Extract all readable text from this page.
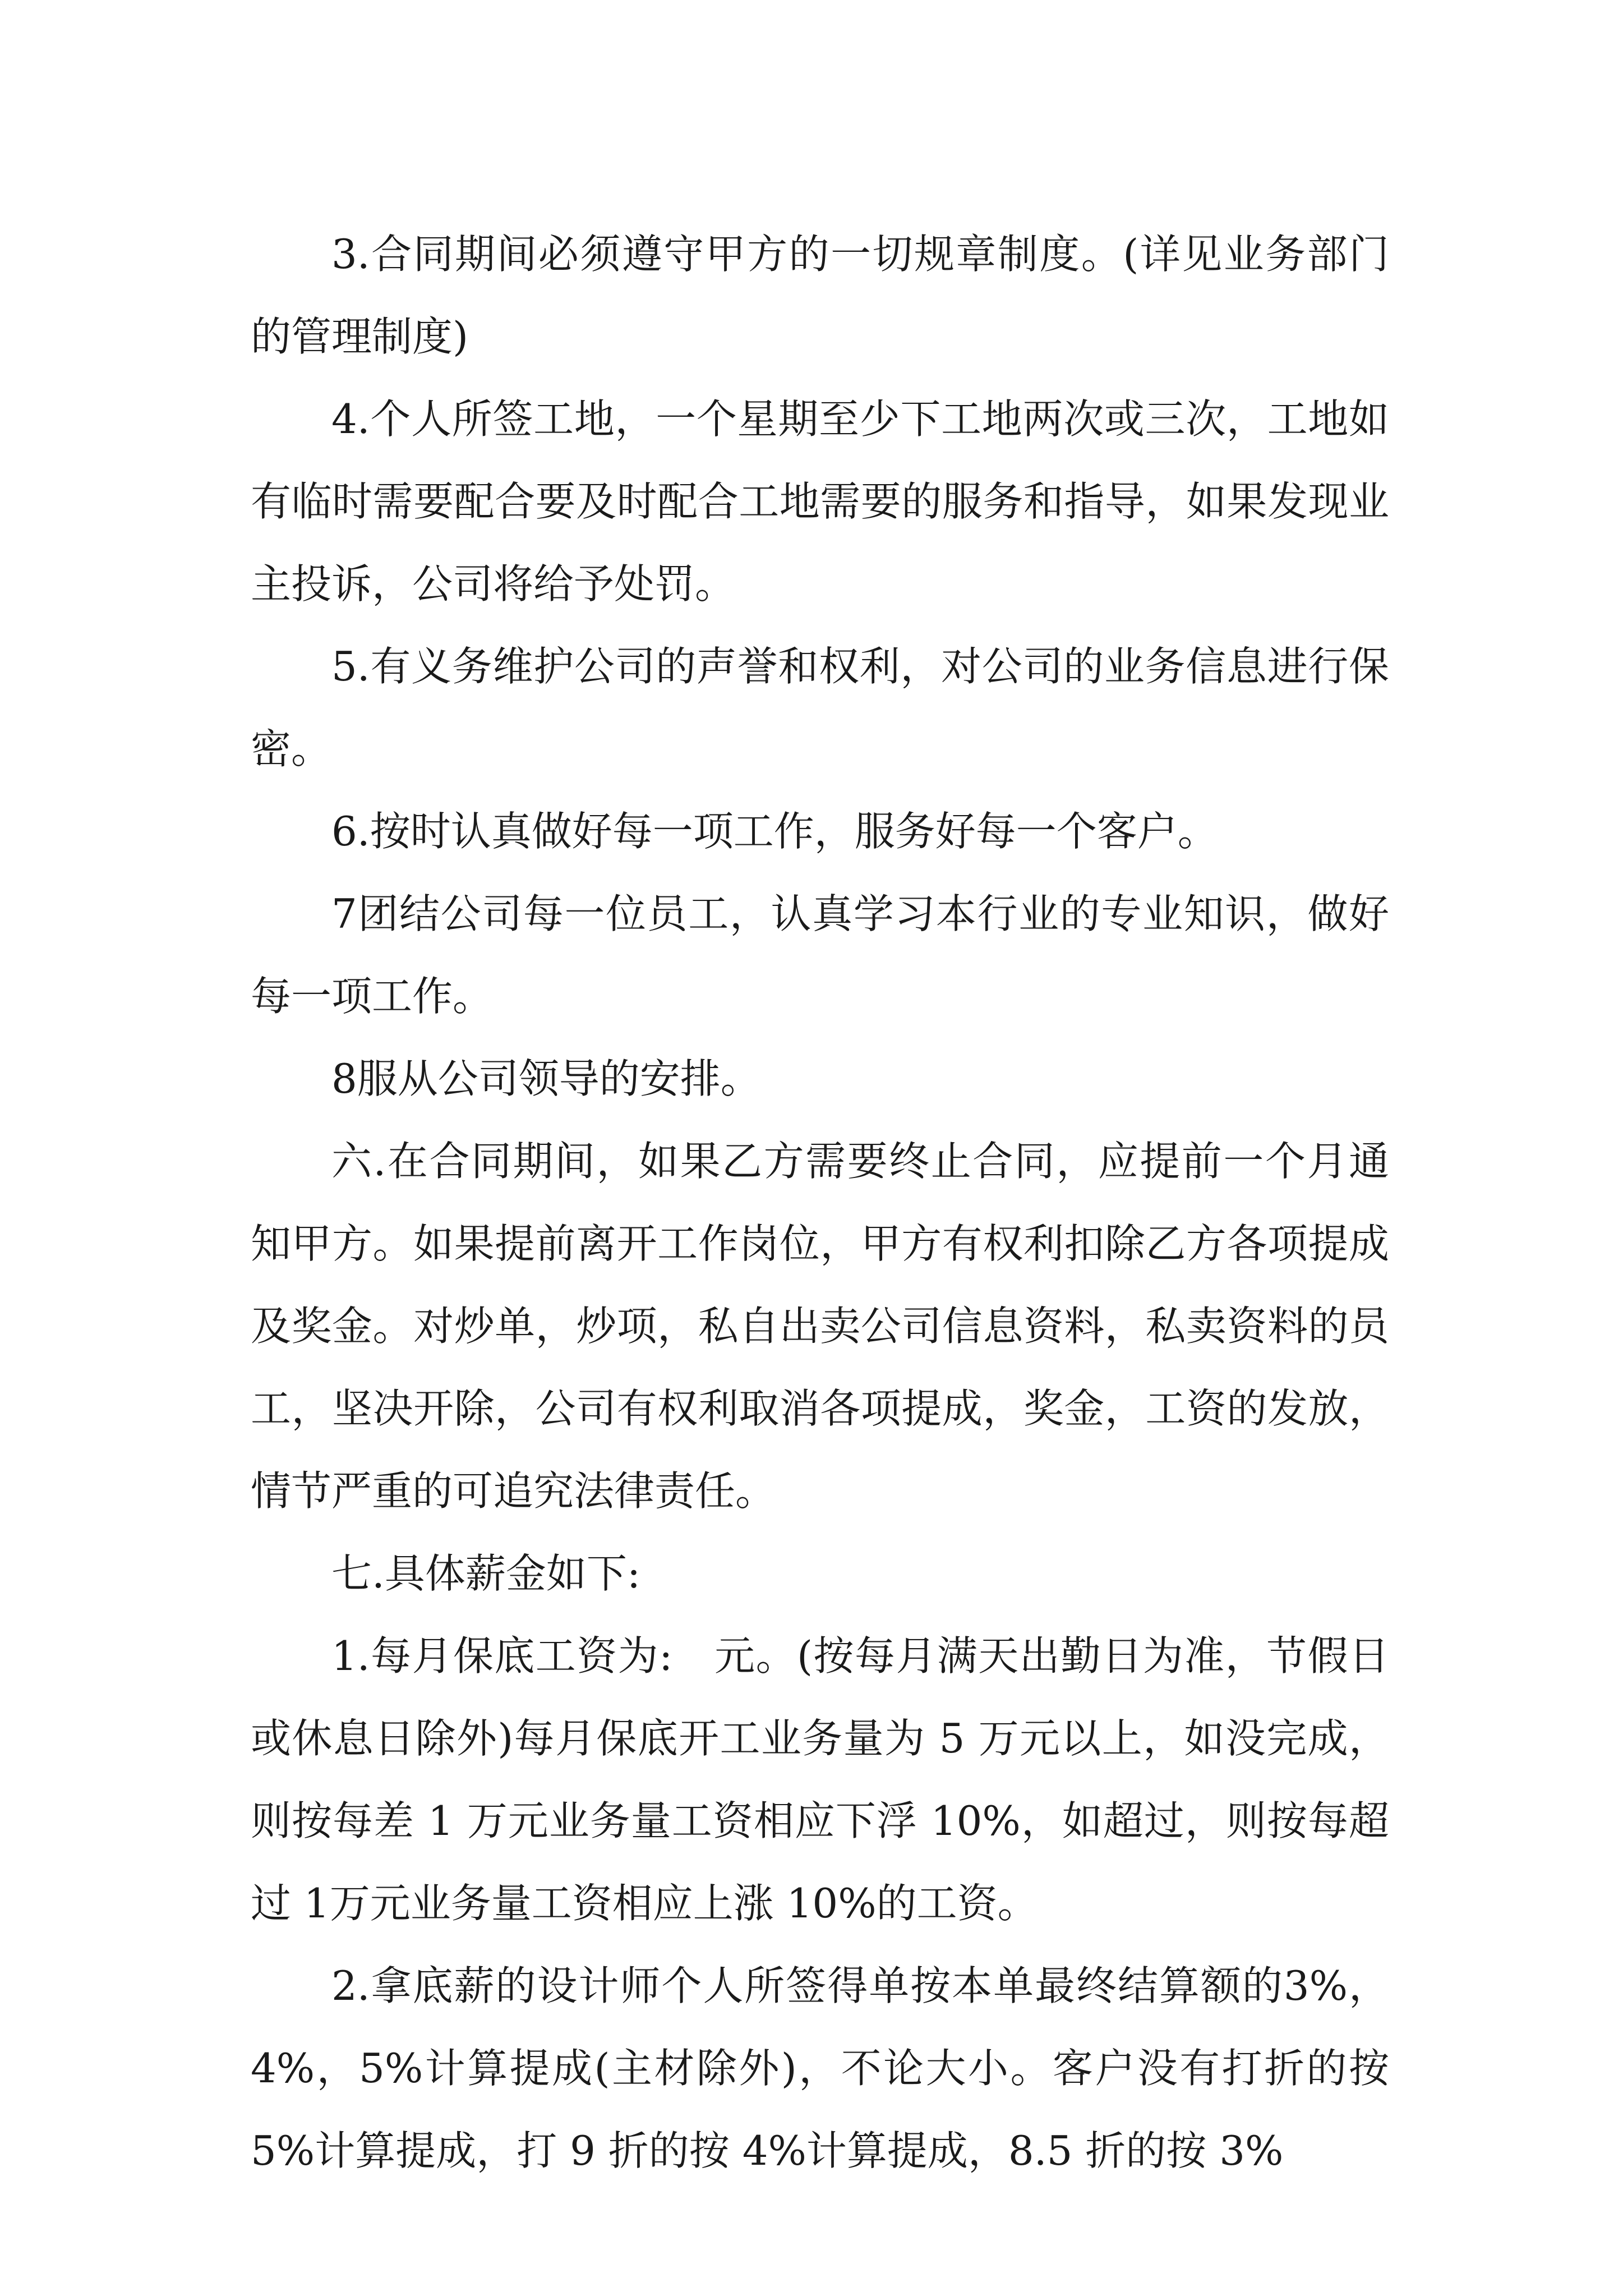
3.合同期间必须遵守甲方的一切规章制度。(详见业务部门的管理制度)

4.个人所签工地，一个星期至少下工地两次或三次，工地如有临时需要配合要及时配合工地需要的服务和指导，如果发现业主投诉，公司将给予处罚。

5.有义务维护公司的声誉和权利，对公司的业务信息进行保密。

6.按时认真做好每一项工作，服务好每一个客户。

7团结公司每一位员工，认真学习本行业的专业知识，做好每一项工作。

8服从公司领导的安排。

六.在合同期间，如果乙方需要终止合同，应提前一个月通知甲方。如果提前离开工作岗位，甲方有权利扣除乙方各项提成及奖金。对炒单，炒项，私自出卖公司信息资料，私卖资料的员工，坚决开除，公司有权利取消各项提成，奖金，工资的发放，情节严重的可追究法律责任。

七.具体薪金如下:

1.每月保底工资为:　元。(按每月满天出勤日为准，节假日或休息日除外)每月保底开工业务量为 5 万元以上，如没完成，则按每差 1 万元业务量工资相应下浮 10%，如超过，则按每超过 1万元业务量工资相应上涨 10%的工资。

2.拿底薪的设计师个人所签得单按本单最终结算额的3%，4%，5%计算提成(主材除外)，不论大小。客户没有打折的按 5%计算提成，打 9 折的按 4%计算提成，8.5 折的按 3%
